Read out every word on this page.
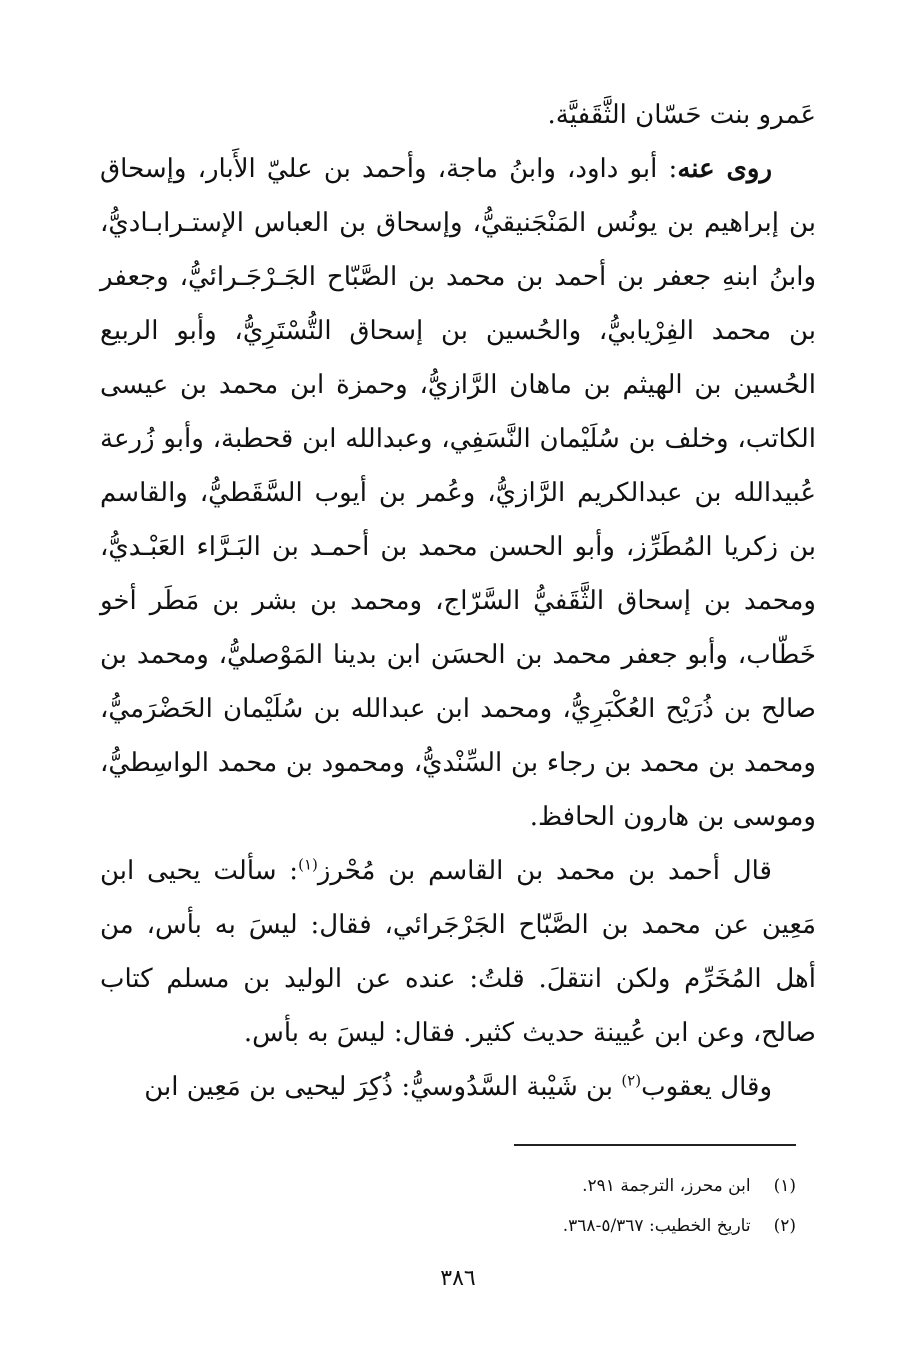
عَمرو بنت حَسّان الثَّقَفيَّة.

روى عنه: أبو داود، وابنُ ماجة، وأحمد بن عليّ الأَبار، وإسحاق بن إبراهيم بن يونُس المَنْجَنيقيُّ، وإسحاق بن العباس الإستـرابـاديُّ، وابنُ ابنهِ جعفر بن أحمد بن محمد بن الصَّبّاح الجَـرْجَـرائيُّ، وجعفر بن محمد الفِرْيابيُّ، والحُسين بن إسحاق التُّسْتَرِيُّ، وأبو الربيع الحُسين بن الهيثم بن ماهان الرَّازيُّ، وحمزة ابن محمد بن عيسى الكاتب، وخلف بن سُلَيْمان النَّسَفِي، وعبدالله ابن قحطبة، وأبو زُرعة عُبيدالله بن عبدالكريم الرَّازيُّ، وعُمر بن أيوب السَّقَطيُّ، والقاسم بن زكريا المُطَرِّز، وأبو الحسن محمد بن أحمـد بن البَـرَّاء العَبْـديُّ، ومحمد بن إسحاق الثَّقَفيُّ السَّرّاج، ومحمد بن بشر بن مَطَر أخو خَطّاب، وأبو جعفر محمد بن الحسَن ابن بدينا المَوْصليُّ، ومحمد بن صالح بن ذُرَيْح العُكْبَرِيُّ، ومحمد ابن عبدالله بن سُلَيْمان الحَضْرَميُّ، ومحمد بن محمد بن رجاء بن السِّنْديُّ، ومحمود بن محمد الواسِطيُّ، وموسى بن هارون الحافظ.

قال أحمد بن محمد بن القاسم بن مُحْرز$^{(١)}$: سألت يحيى ابن مَعِين عن محمد بن الصَّبّاح الجَرْجَرائي، فقال: ليسَ به بأس، من أهل المُخَرِّم ولكن انتقلَ. قلتُ: عنده عن الوليد بن مسلم كتاب صالح، وعن ابن عُيينة حديث كثير. فقال: ليسَ به بأس.

وقال يعقوب$^{(٢)}$ بن شَيْبة السَّدُوسيُّ: ذُكِرَ ليحيى بن مَعِين ابن

(١) ابن محرز، الترجمة ٢٩١.
(٢) تاريخ الخطيب: ٥/٣٦٧-٣٦٨.
٣٨٦
